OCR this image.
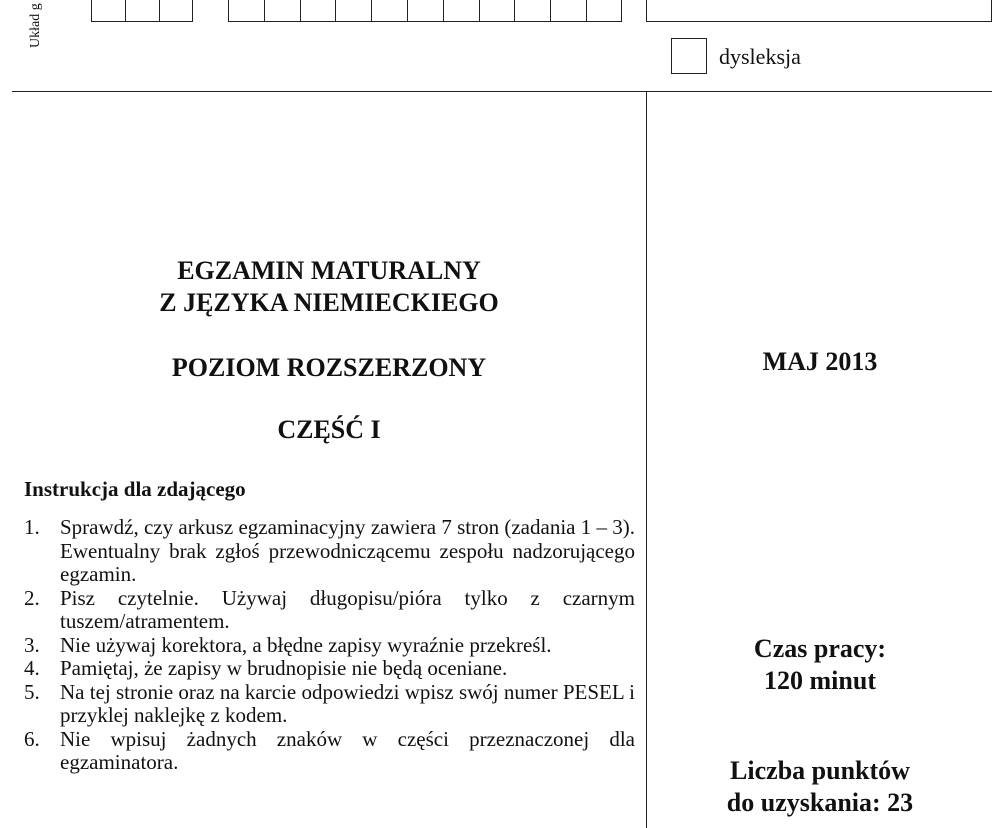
Układ g
dysleksja
EGZAMIN MATURALNY
Z JĘZYKA NIEMIECKIEGO
POZIOM ROZSZERZONY
CZĘŚĆ I
Instrukcja dla zdającego
1. Sprawdź, czy arkusz egzaminacyjny zawiera 7 stron (zadania 1 – 3). Ewentualny brak zgłoś przewodniczącemu zespołu nadzorującego egzamin.
2. Pisz czytelnie. Używaj długopisu/pióra tylko z czarnym tuszem/atramentem.
3. Nie używaj korektora, a błędne zapisy wyraźnie przekreśl.
4. Pamiętaj, że zapisy w brudnopisie nie będą oceniane.
5. Na tej stronie oraz na karcie odpowiedzi wpisz swój numer PESEL i przyklej naklejkę z kodem.
6. Nie wpisuj żadnych znaków w części przeznaczonej dla egzaminatora.
MAJ 2013
Czas pracy:
120 minut
Liczba punktów
do uzyskania: 23
